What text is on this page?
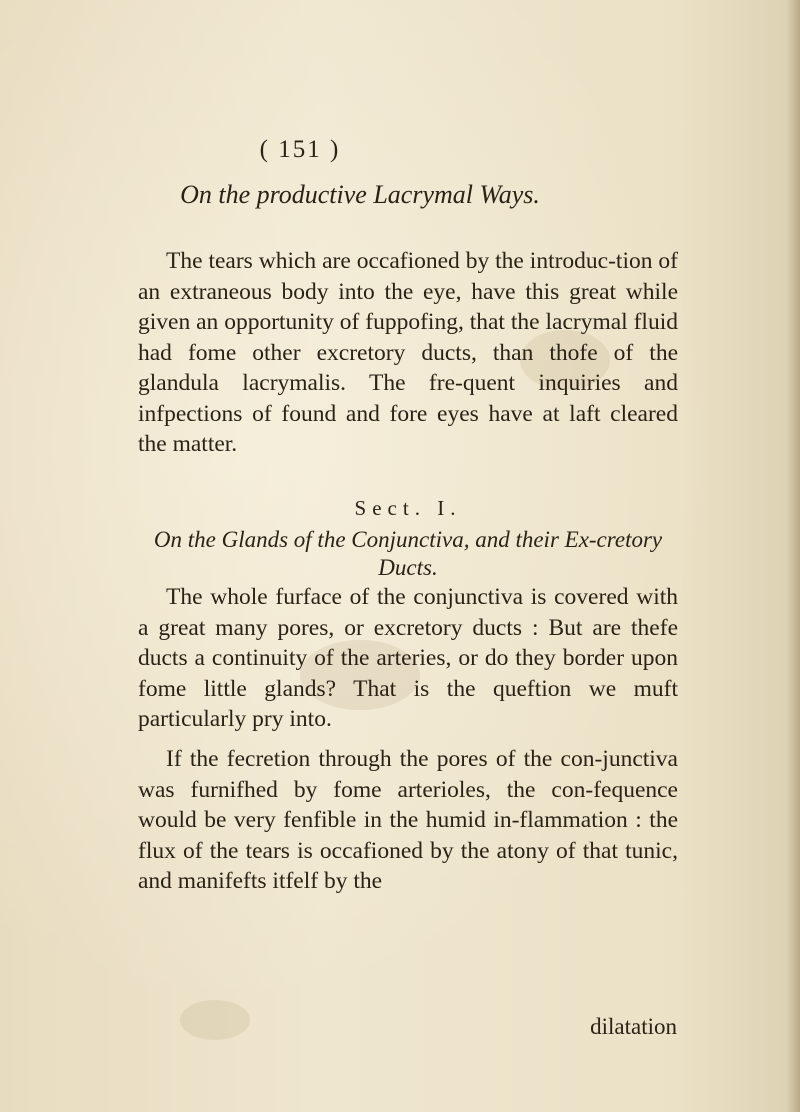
( 151 )
On the productive Lacrymal Ways.
The tears which are occafioned by the introduc-tion of an extraneous body into the eye, have this great while given an opportunity of fuppofing, that the lacrymal fluid had fome other excretory ducts, than thofe of the glandula lacrymalis. The fre-quent inquiries and infpections of found and fore eyes have at laft cleared the matter.
Sect. I.
On the Glands of the Conjunctiva, and their Ex-cretory Ducts.
The whole furface of the conjunctiva is covered with a great many pores, or excretory ducts : But are thefe ducts a continuity of the arteries, or do they border upon fome little glands? That is the queftion we muft particularly pry into.
If the fecretion through the pores of the con-junctiva was furnifhed by fome arterioles, the con-fequence would be very fenfible in the humid in-flammation : the flux of the tears is occafioned by the atony of that tunic, and manifefts itfelf by the
dilatation
